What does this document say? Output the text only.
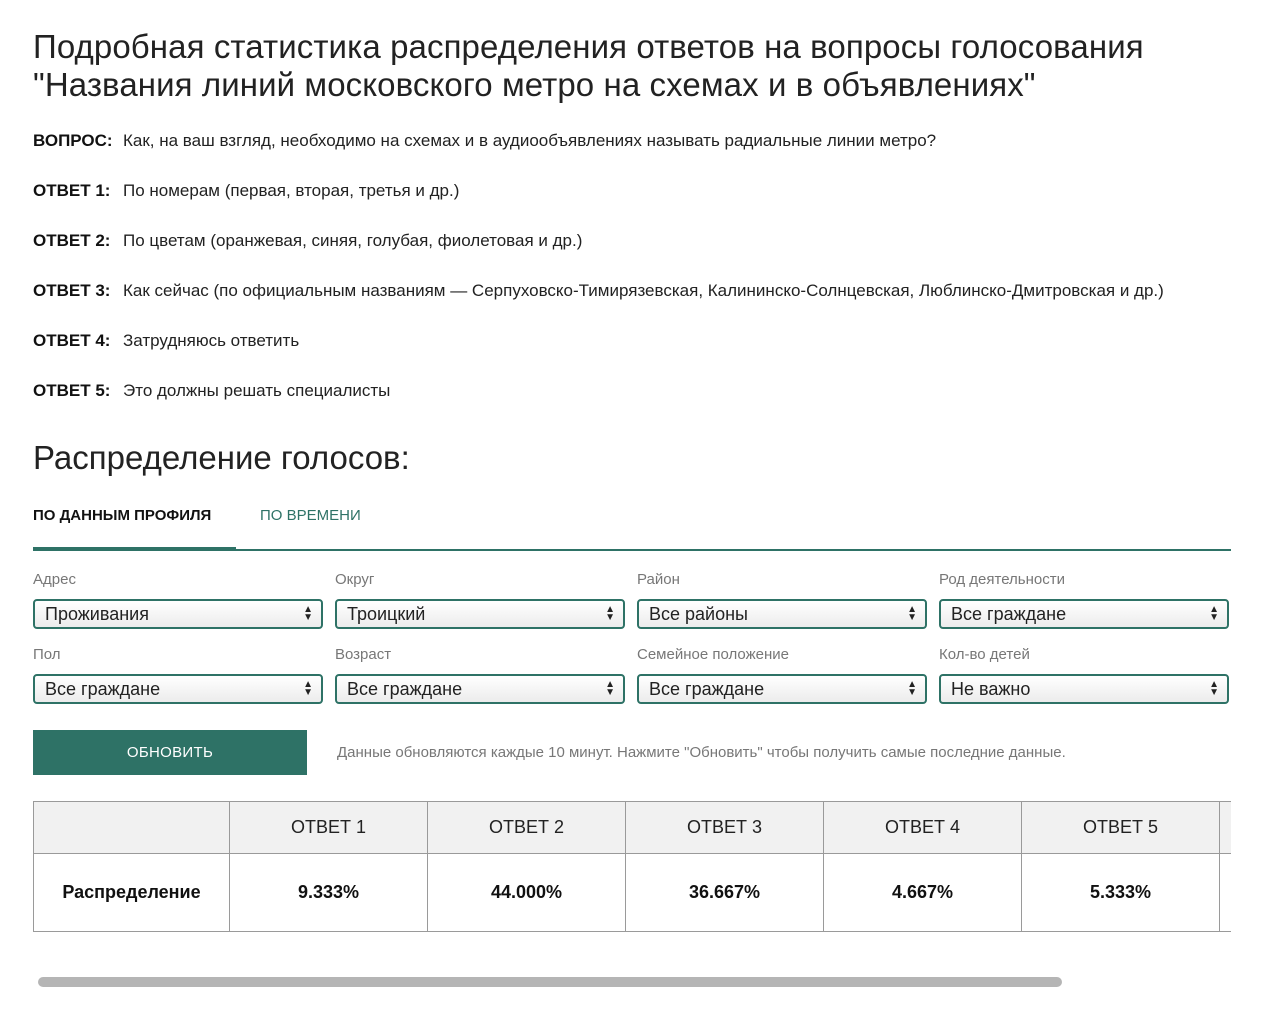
Подробная статистика распределения ответов на вопросы голосования
"Названия линий московского метро на схемах и в объявлениях"
ВОПРОС: Как, на ваш взгляд, необходимо на схемах и в аудиообъявлениях называть радиальные линии метро?
ОТВЕТ 1: По номерам (первая, вторая, третья и др.)
ОТВЕТ 2: По цветам (оранжевая, синяя, голубая, фиолетовая и др.)
ОТВЕТ 3: Как сейчас (по официальным названиям — Серпуховско-Тимирязевская, Калининско-Солнцевская, Люблинско-Дмитровская и др.)
ОТВЕТ 4: Затрудняюсь ответить
ОТВЕТ 5: Это должны решать специалисты
Распределение голосов:
ПО ДАННЫМ ПРОФИЛЯ	ПО ВРЕМЕНИ
Адрес
Проживания	▲
▼
Округ
Троицкий	▲
▼
Район
Все районы	▲
▼
Род деятельности
Все граждане	▲
▼
Пол
Все граждане	▲
▼
Возраст
Все граждане	▲
▼
Семейное положение
Все граждане	▲
▼
Кол-во детей
Не важно	▲
▼
ОБНОВИТЬ	Данные обновляются каждые 10 минут. Нажмите "Обновить" чтобы получить самые последние данные.
	ОТВЕТ 1	ОТВЕТ 2	ОТВЕТ 3	ОТВЕТ 4	ОТВЕТ 5	
Распределение	9.333%	44.000%	36.667%	4.667%	5.333%	
